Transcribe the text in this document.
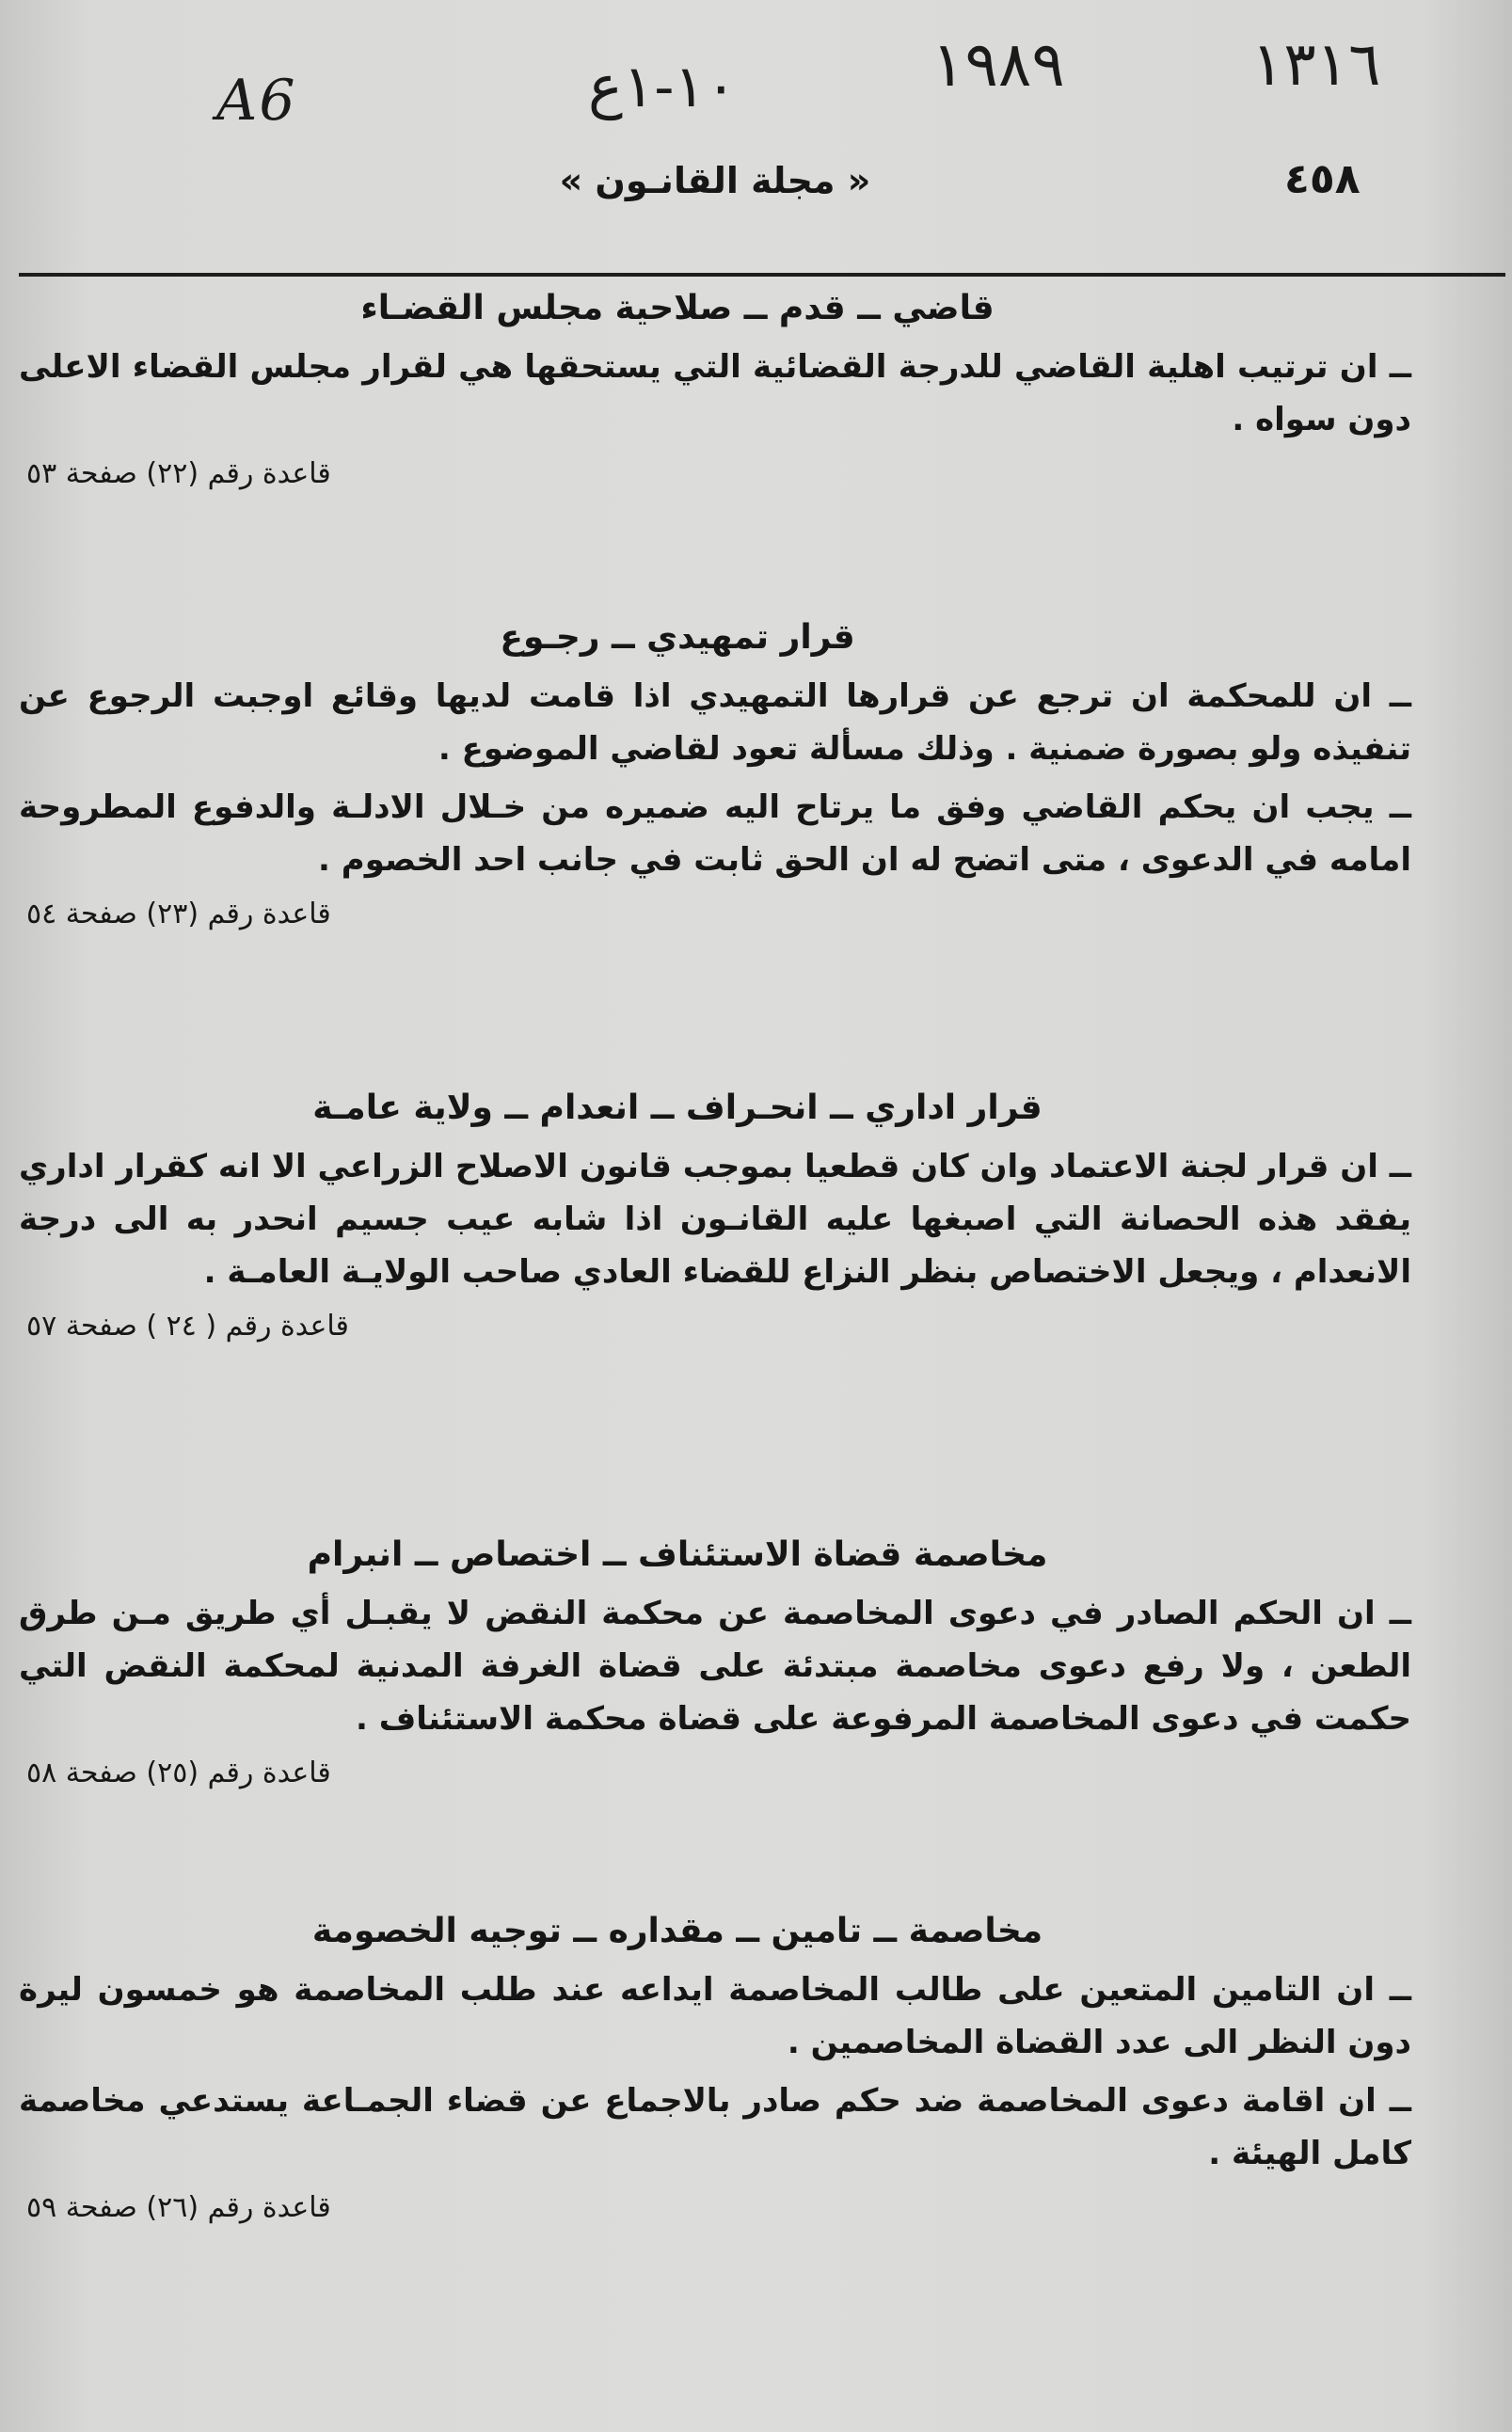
A6	١٠-١ع	١٩٨٩	١٣١٦
٤٥٨
« مجلة القانـون »
قاضي ــ قدم ــ صلاحية مجلس القضـاء
ــ ان ترتيب اهلية القاضي للدرجة القضائية التي يستحقها هي لقرار مجلس القضاء الاعلى دون سواه .
قاعدة رقم (٢٢) صفحة ٥٣
قرار تمهيدي ــ رجـوع
ــ ان للمحكمة ان ترجع عن قرارها التمهيدي اذا قامت لديها وقائع اوجبت الرجوع عن تنفيذه ولو بصورة ضمنية . وذلك مسألة تعود لقاضي الموضوع .
ــ يجب ان يحكم القاضي وفق ما يرتاح اليه ضميره من خـلال الادلـة والدفوع المطروحة امامه في الدعوى ، متى اتضح له ان الحق ثابت في جانب احد الخصوم .
قاعدة رقم (٢٣) صفحة ٥٤
قرار اداري ــ انحـراف ــ انعدام ــ ولاية عامـة
ــ ان قرار لجنة الاعتماد وان كان قطعيا بموجب قانون الاصلاح الزراعي الا انه كقرار اداري يفقد هذه الحصانة التي اصبغها عليه القانـون اذا شابه عيب جسيم انحدر به الى درجة الانعدام ، ويجعل الاختصاص بنظر النزاع للقضاء العادي صاحب الولايـة العامـة .
قاعدة رقم ( ٢٤ ) صفحة ٥٧
مخاصمة قضاة الاستئناف ــ اختصاص ــ انبرام
ــ ان الحكم الصادر في دعوى المخاصمة عن محكمة النقض لا يقبـل أي طريق مـن طرق الطعن ، ولا رفع دعوى مخاصمة مبتدئة على قضاة الغرفة المدنية لمحكمة النقض التي حكمت في دعوى المخاصمة المرفوعة على قضاة محكمة الاستئناف .
قاعدة رقم (٢٥) صفحة ٥٨
مخاصمة ــ تامين ــ مقداره ــ توجيه الخصومة
ــ ان التامين المتعين على طالب المخاصمة ايداعه عند طلب المخاصمة هو خمسون ليرة دون النظر الى عدد القضاة المخاصمين .
ــ ان اقامة دعوى المخاصمة ضد حكم صادر بالاجماع عن قضاء الجمـاعة يستدعي مخاصمة كامل الهيئة .
قاعدة رقم (٢٦) صفحة ٥٩
